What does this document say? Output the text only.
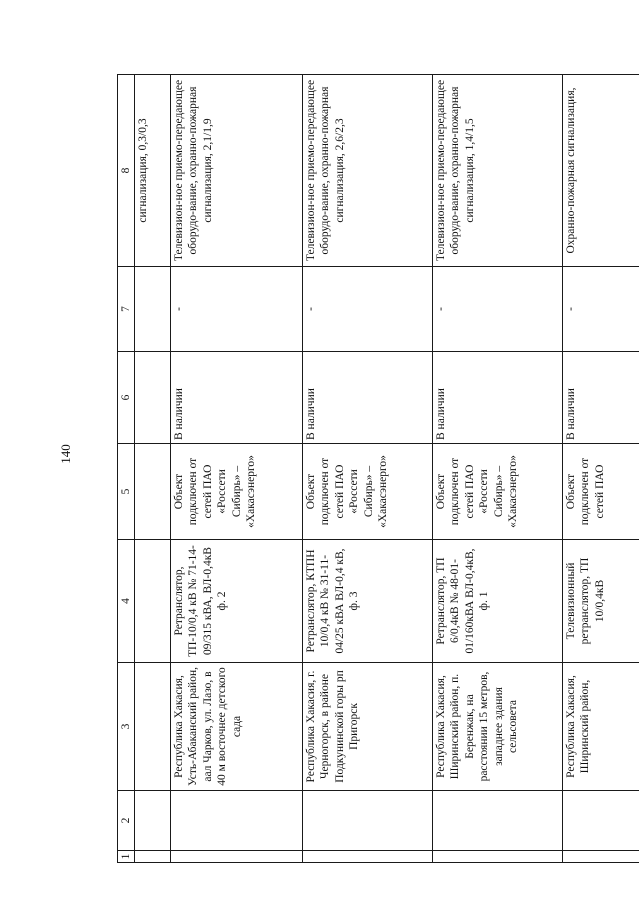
140
1	2	3	4	5	6	7	8
							сигнализация, 0,3/0,3
		Республика Хакасия, Усть-Абаканский район, аал Чарков, ул. Лазо, в 40 м восточнее детского сада	Ретранслятор, ТП-10/0,4 кВ № 71-14-09/315 кВА, ВЛ-0,4кВ ф. 2	Объект подключен от сетей ПАО «Россети Сибирь» – «Хакасэнерго»	В наличии	-	Телевизион-ное приемо-передающее оборудо-вание, охранно-пожарная сигнализация, 2,1/1,9
		Республика Хакасия, г. Черногорск, в районе Подкунинской горы рп Пригорск	Ретранслятор, КТПН 10/0,4 кВ № 31-11-04/25 кВА ВЛ-0,4 кВ, ф. 3	Объект подключен от сетей ПАО «Россети Сибирь» – «Хакасэнерго»	В наличии	-	Телевизион-ное приемо-передающее оборудо-вание, охранно-пожарная сигнализация, 2,6/2,3
		Республика Хакасия, Ширинский район, п. Беренжак, на расстоянии 15 метров, западнее здания сельсовета	Ретранслятор, ТП 6/0,4кВ № 48-01-01/160кВА ВЛ-0,4кВ, ф. 1	Объект подключен от сетей ПАО «Россети Сибирь» – «Хакасэнерго»	В наличии	-	Телевизион-ное приемо-передающее оборудо-вание, охранно-пожарная сигнализация, 1,4/1,5
		Республика Хакасия, Ширинский район,	Телевизионный ретранслятор, ТП 10/0,4кВ	Объект подключен от сетей ПАО	В наличии	-	Охранно-пожарная сигнализация,
